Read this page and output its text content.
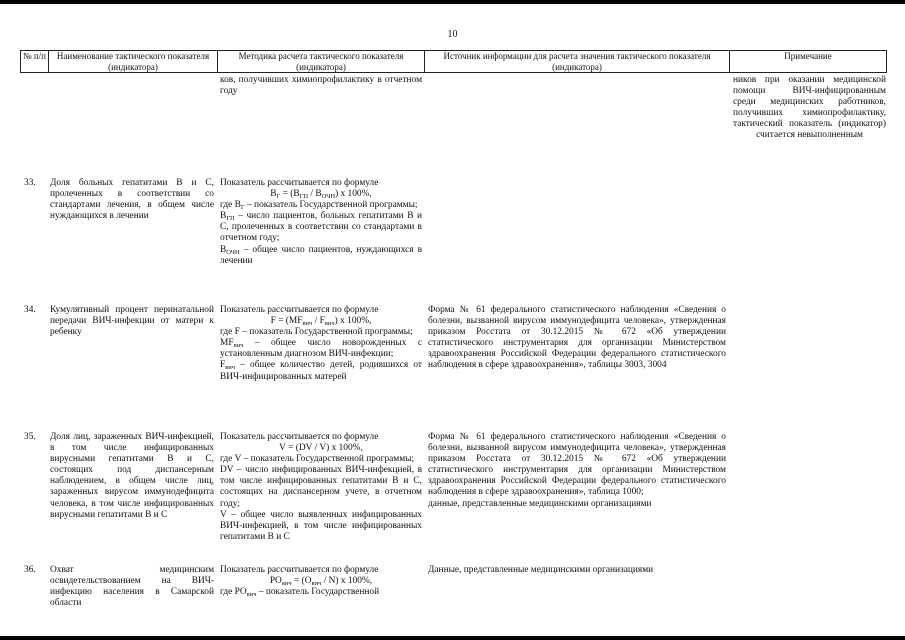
10
№ п/п	Наименование тактического показателя (индикатора)
Методика расчета тактического показателя (индикатора)
Источник информации для расчета значения тактического показателя (индикатора)
Примечание
ков, получивших химиопрофилактику в отчетном году
ников при оказании медицинской помощи ВИЧ-инфицированным среди медицинских работников, получивших химиопрофилактику, тактический показатель (индикатор) считается невыполненным
33. Доля больных гепатитами В и С, пролеченных в соответствии со стандартами лечения, в общем числе нуждающихся в лечении
Показатель рассчитывается по формуле
$В_Г = (В_{ГП} / В_{ОЧН})$ x 100%,
где $В_Г$ – показатель Государственной программы;
$В_{ГП}$ – число пациентов, больных гепатитами В и С, пролеченных в соответствии со стандартами в отчетном году;
$В_{ОЧН}$ – общее число пациентов, нуждающихся в лечении
34. Кумулятивный процент перинатальной передачи ВИЧ-инфекции от матери к ребенку
Показатель рассчитывается по формуле
$F = (MF_{вич} / F_{вич})$ x 100%,
где F – показатель Государственной программы;
$MF_{вич}$ – общее число новорожденных с установленным диагнозом ВИЧ-инфекции;
$F_{вич}$ – общее количество детей, родившихся от ВИЧ-инфицированных матерей
Форма № 61 федерального статистического наблюдения «Сведения о болезни, вызванной вирусом иммунодефицита человека», утвержденная приказом Росстата от 30.12.2015 № 672 «Об утверждении статистического инструментария для организации Министерством здравоохранения Российской Федерации федерального статистического наблюдения в сфере здравоохранения», таблицы 3003, 3004
35. Доля лиц, зараженных ВИЧ-инфекцией, в том числе инфицированных вирусными гепатитами В и С, состоящих под диспансерным наблюдением, в общем числе лиц, зараженных вирусом иммунодефицита человека, в том числе инфицированных вирусными гепатитами В и С
Показатель рассчитывается по формуле
V = (DV / V) x 100%,
где V – показатель Государственной программы;
DV – число инфицированных ВИЧ-инфекцией, в том числе инфицированных гепатитами В и С, состоящих на диспансерном учете, в отчетном году;
V – общее число выявленных инфицированных ВИЧ-инфекцией, в том числе инфицированных гепатитами В и С
Форма № 61 федерального статистического наблюдения «Сведения о болезни, вызванной вирусом иммунодефицита человека», утвержденная приказом Росстата от 30.12.2015 № 672 «Об утверждении статистического инструментария для организации Министерством здравоохранения Российской Федерации федерального статистического наблюдения в сфере здравоохранения», таблица 1000;
данные, представленные медицинскими организациями
36. Охват медицинским освидетельствованием на ВИЧ-инфекцию населения в Самарской области
Показатель рассчитывается по формуле
$PO_{вич} = (O_{вич} / N)$ x 100%,
где $PO_{вич}$ – показатель Государственной
Данные, представленные медицинскими организациями
